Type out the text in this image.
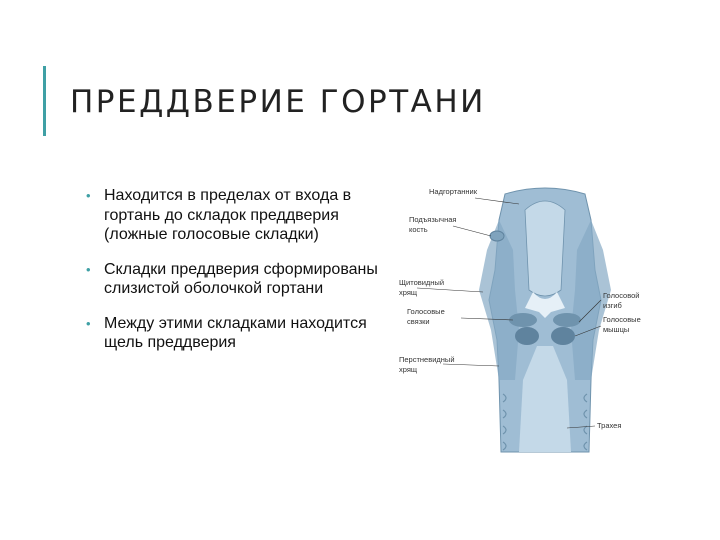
ПРЕДДВЕРИЕ ГОРТАНИ
• Находится в пределах от входа в гортань до складок преддверия (ложные голосовые складки)
• Складки преддверия сформированы слизистой оболочкой гортани
• Между этими складками находится щель преддверия
Надгортанник
Подъязычная
кость
Щитовидный
хрящ
Голосовые
связки
Перстневидный
хрящ
Голосовой
изгиб
Голосовые
мышцы
Трахея
